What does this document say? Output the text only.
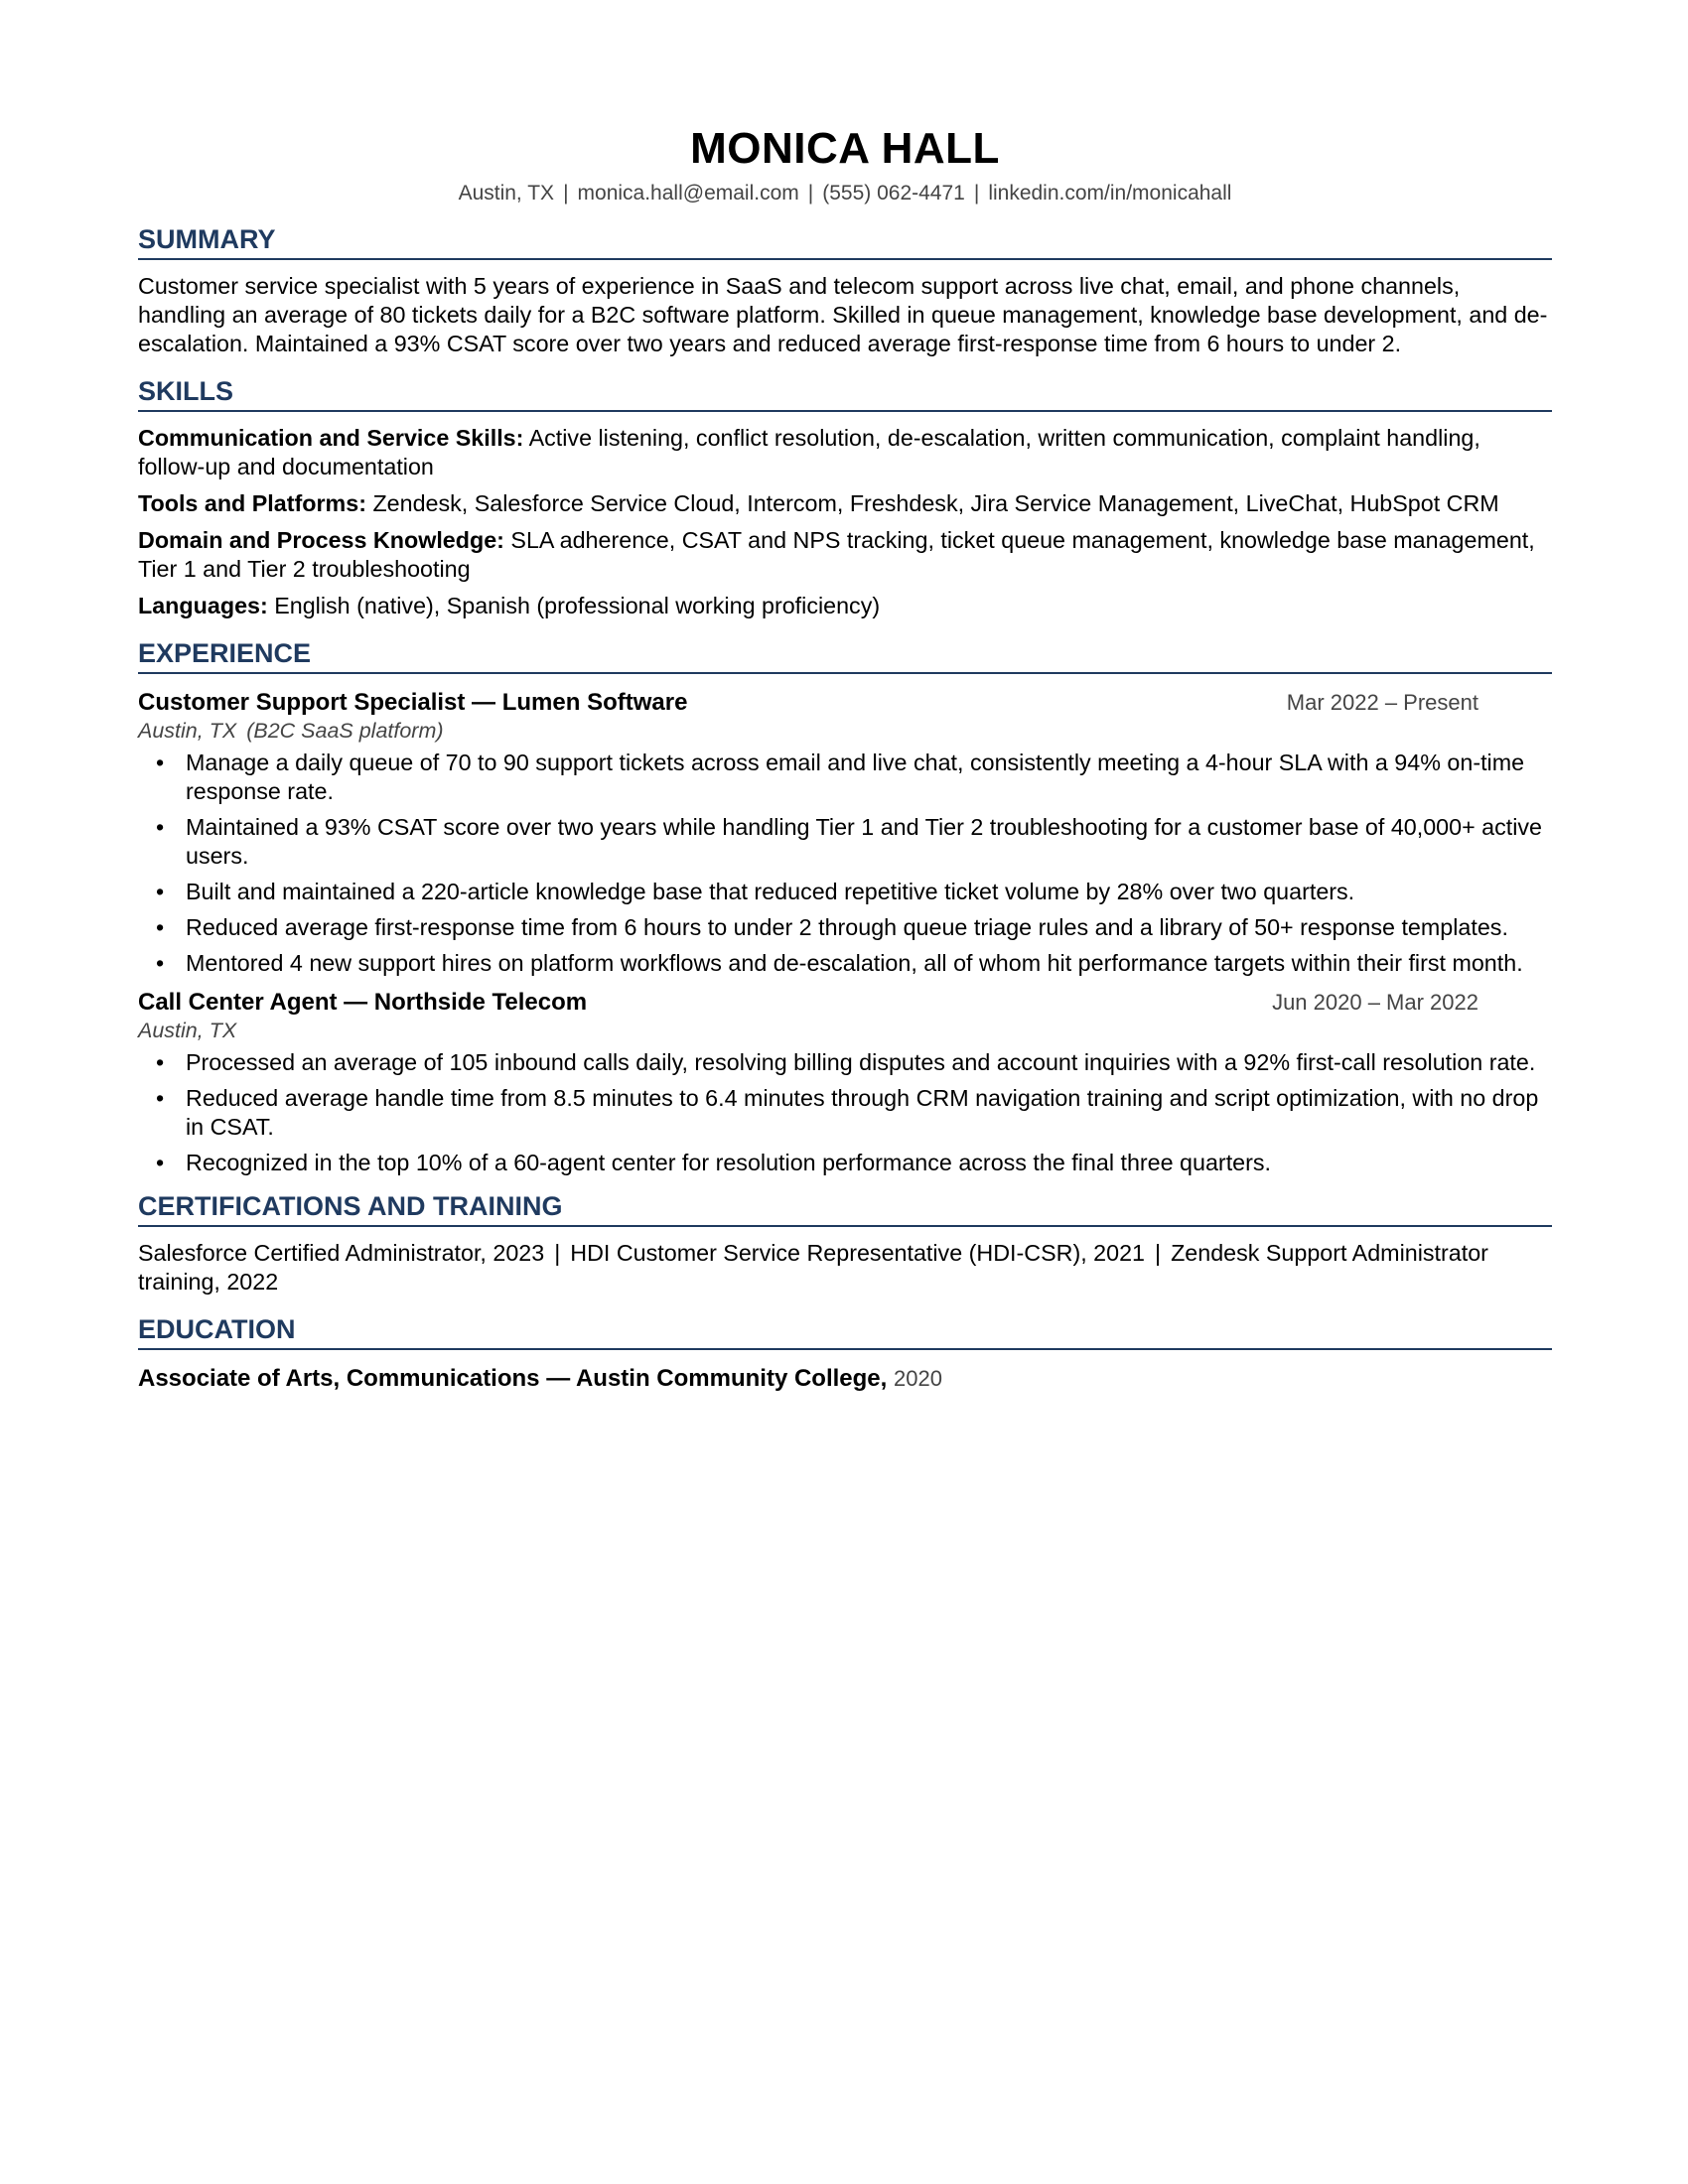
MONICA HALL
Austin, TX | monica.hall@email.com | (555) 062-4471 | linkedin.com/in/monicahall
SUMMARY
Customer service specialist with 5 years of experience in SaaS and telecom support across live chat, email, and phone channels, handling an average of 80 tickets daily for a B2C software platform. Skilled in queue management, knowledge base development, and de-escalation. Maintained a 93% CSAT score over two years and reduced average first-response time from 6 hours to under 2.
SKILLS
Communication and Service Skills: Active listening, conflict resolution, de-escalation, written communication, complaint handling, follow-up and documentation
Tools and Platforms: Zendesk, Salesforce Service Cloud, Intercom, Freshdesk, Jira Service Management, LiveChat, HubSpot CRM
Domain and Process Knowledge: SLA adherence, CSAT and NPS tracking, ticket queue management, knowledge base management, Tier 1 and Tier 2 troubleshooting
Languages: English (native), Spanish (professional working proficiency)
EXPERIENCE
Customer Support Specialist — Lumen Software	Mar 2022 – Present
Austin, TX (B2C SaaS platform)
• Manage a daily queue of 70 to 90 support tickets across email and live chat, consistently meeting a 4-hour SLA with a 94% on-time response rate.
• Maintained a 93% CSAT score over two years while handling Tier 1 and Tier 2 troubleshooting for a customer base of 40,000+ active users.
• Built and maintained a 220-article knowledge base that reduced repetitive ticket volume by 28% over two quarters.
• Reduced average first-response time from 6 hours to under 2 through queue triage rules and a library of 50+ response templates.
• Mentored 4 new support hires on platform workflows and de-escalation, all of whom hit performance targets within their first month.
Call Center Agent — Northside Telecom	Jun 2020 – Mar 2022
Austin, TX
• Processed an average of 105 inbound calls daily, resolving billing disputes and account inquiries with a 92% first-call resolution rate.
• Reduced average handle time from 8.5 minutes to 6.4 minutes through CRM navigation training and script optimization, with no drop in CSAT.
• Recognized in the top 10% of a 60-agent center for resolution performance across the final three quarters.
CERTIFICATIONS AND TRAINING
Salesforce Certified Administrator, 2023 | HDI Customer Service Representative (HDI-CSR), 2021 | Zendesk Support Administrator training, 2022
EDUCATION
Associate of Arts, Communications — Austin Community College, 2020
